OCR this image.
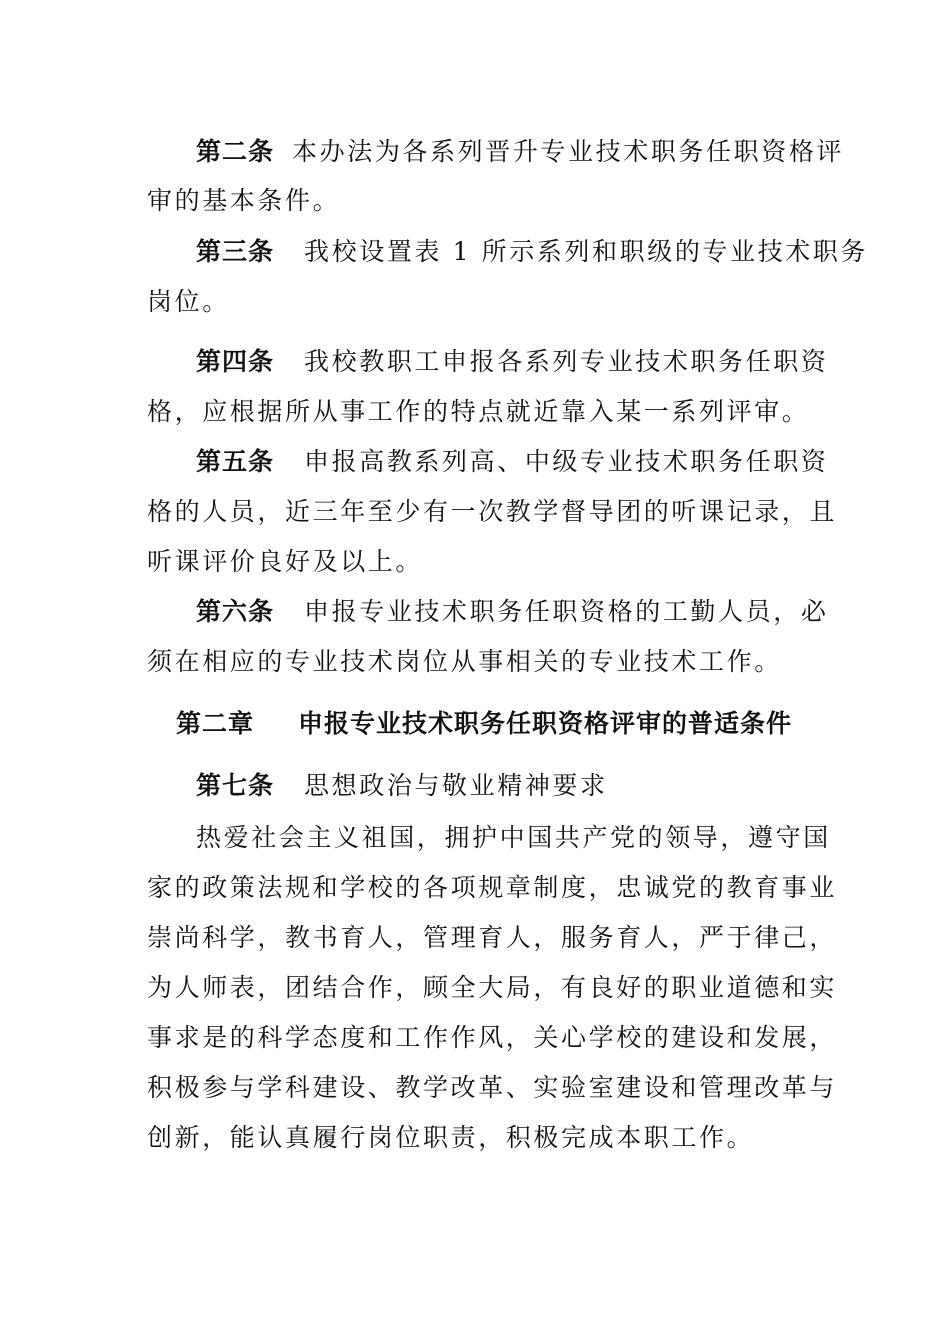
第二条 本办法为各系列晋升专业技术职务任职资格评
审的基本条件。
第三条 我校设置表 1 所示系列和职级的专业技术职务
岗位。
第四条 我校教职工申报各系列专业技术职务任职资
格，应根据所从事工作的特点就近靠入某一系列评审。
第五条 申报高教系列高、中级专业技术职务任职资
格的人员，近三年至少有一次教学督导团的听课记录，且
听课评价良好及以上。
第六条 申报专业技术职务任职资格的工勤人员，必
须在相应的专业技术岗位从事相关的专业技术工作。
第二章 申报专业技术职务任职资格评审的普适条件
第七条 思想政治与敬业精神要求
热爱社会主义祖国，拥护中国共产党的领导，遵守国
家的政策法规和学校的各项规章制度，忠诚党的教育事业
崇尚科学，教书育人，管理育人，服务育人，严于律己，
为人师表，团结合作，顾全大局，有良好的职业道德和实
事求是的科学态度和工作作风，关心学校的建设和发展，
积极参与学科建设、教学改革、实验室建设和管理改革与
创新，能认真履行岗位职责，积极完成本职工作。
